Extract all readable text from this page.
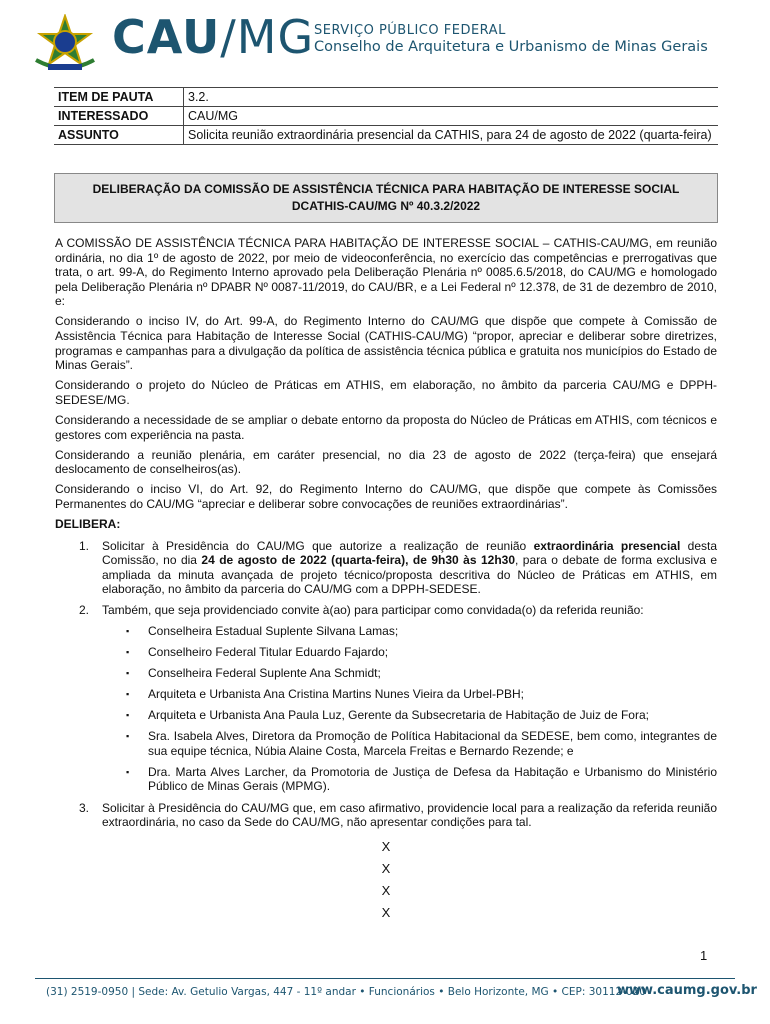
CAU/MG SERVIÇO PÚBLICO FEDERAL
Conselho de Arquitetura e Urbanismo de Minas Gerais
ITEM DE PAUTA	3.2.
INTERESSADO	CAU/MG
ASSUNTO	Solicita reunião extraordinária presencial da CATHIS, para 24 de agosto de 2022 (quarta-feira)
DELIBERAÇÃO DA COMISSÃO DE ASSISTÊNCIA TÉCNICA PARA HABITAÇÃO DE INTERESSE SOCIAL
DCATHIS-CAU/MG Nº 40.3.2/2022

A COMISSÃO DE ASSISTÊNCIA TÉCNICA PARA HABITAÇÃO DE INTERESSE SOCIAL – CATHIS-CAU/MG, em reunião ordinária, no dia 1º de agosto de 2022, por meio de videoconferência, no exercício das competências e prerrogativas que trata, o art. 99-A, do Regimento Interno aprovado pela Deliberação Plenária nº 0085.6.5/2018, do CAU/MG e homologado pela Deliberação Plenária nº DPABR Nº 0087-11/2019, do CAU/BR, e a Lei Federal nº 12.378, de 31 de dezembro de 2010, e:

Considerando o inciso IV, do Art. 99-A, do Regimento Interno do CAU/MG que dispõe que compete à Comissão de Assistência Técnica para Habitação de Interesse Social (CATHIS-CAU/MG) “propor, apreciar e deliberar sobre diretrizes, programas e campanhas para a divulgação da política de assistência técnica pública e gratuita nos municípios do Estado de Minas Gerais”.

Considerando o projeto do Núcleo de Práticas em ATHIS, em elaboração, no âmbito da parceria CAU/MG e DPPH-SEDESE/MG.

Considerando a necessidade de se ampliar o debate entorno da proposta do Núcleo de Práticas em ATHIS, com técnicos e gestores com experiência na pasta.

Considerando a reunião plenária, em caráter presencial, no dia 23 de agosto de 2022 (terça-feira) que ensejará deslocamento de conselheiros(as).

Considerando o inciso VI, do Art. 92, do Regimento Interno do CAU/MG, que dispõe que compete às Comissões Permanentes do CAU/MG “apreciar e deliberar sobre convocações de reuniões extraordinárias”.

DELIBERA:

1. Solicitar à Presidência do CAU/MG que autorize a realização de reunião extraordinária presencial desta Comissão, no dia 24 de agosto de 2022 (quarta-feira), de 9h30 às 12h30, para o debate de forma exclusiva e ampliada da minuta avançada de projeto técnico/proposta descritiva do Núcleo de Práticas em ATHIS, em elaboração, no âmbito da parceria do CAU/MG com a DPPH-SEDESE.
2. Também, que seja providenciado convite à(ao) para participar como convidada(o) da referida reunião:
▪ Conselheira Estadual Suplente Silvana Lamas;
▪ Conselheiro Federal Titular Eduardo Fajardo;
▪ Conselheira Federal Suplente Ana Schmidt;
▪ Arquiteta e Urbanista Ana Cristina Martins Nunes Vieira da Urbel-PBH;
▪ Arquiteta e Urbanista Ana Paula Luz, Gerente da Subsecretaria de Habitação de Juiz de Fora;
▪ Sra. Isabela Alves, Diretora da Promoção de Política Habitacional da SEDESE, bem como, integrantes de sua equipe técnica, Núbia Alaine Costa, Marcela Freitas e Bernardo Rezende; e
▪ Dra. Marta Alves Larcher, da Promotoria de Justiça de Defesa da Habitação e Urbanismo do Ministério Público de Minas Gerais (MPMG).
3. Solicitar à Presidência do CAU/MG que, em caso afirmativo, providencie local para a realização da referida reunião extraordinária, no caso da Sede do CAU/MG, não apresentar condições para tal.
X
X
X
X
1
(31) 2519-0950 | Sede: Av. Getulio Vargas, 447 - 11º andar • Funcionários • Belo Horizonte, MG • CEP: 30112-020
www.caumg.gov.br
